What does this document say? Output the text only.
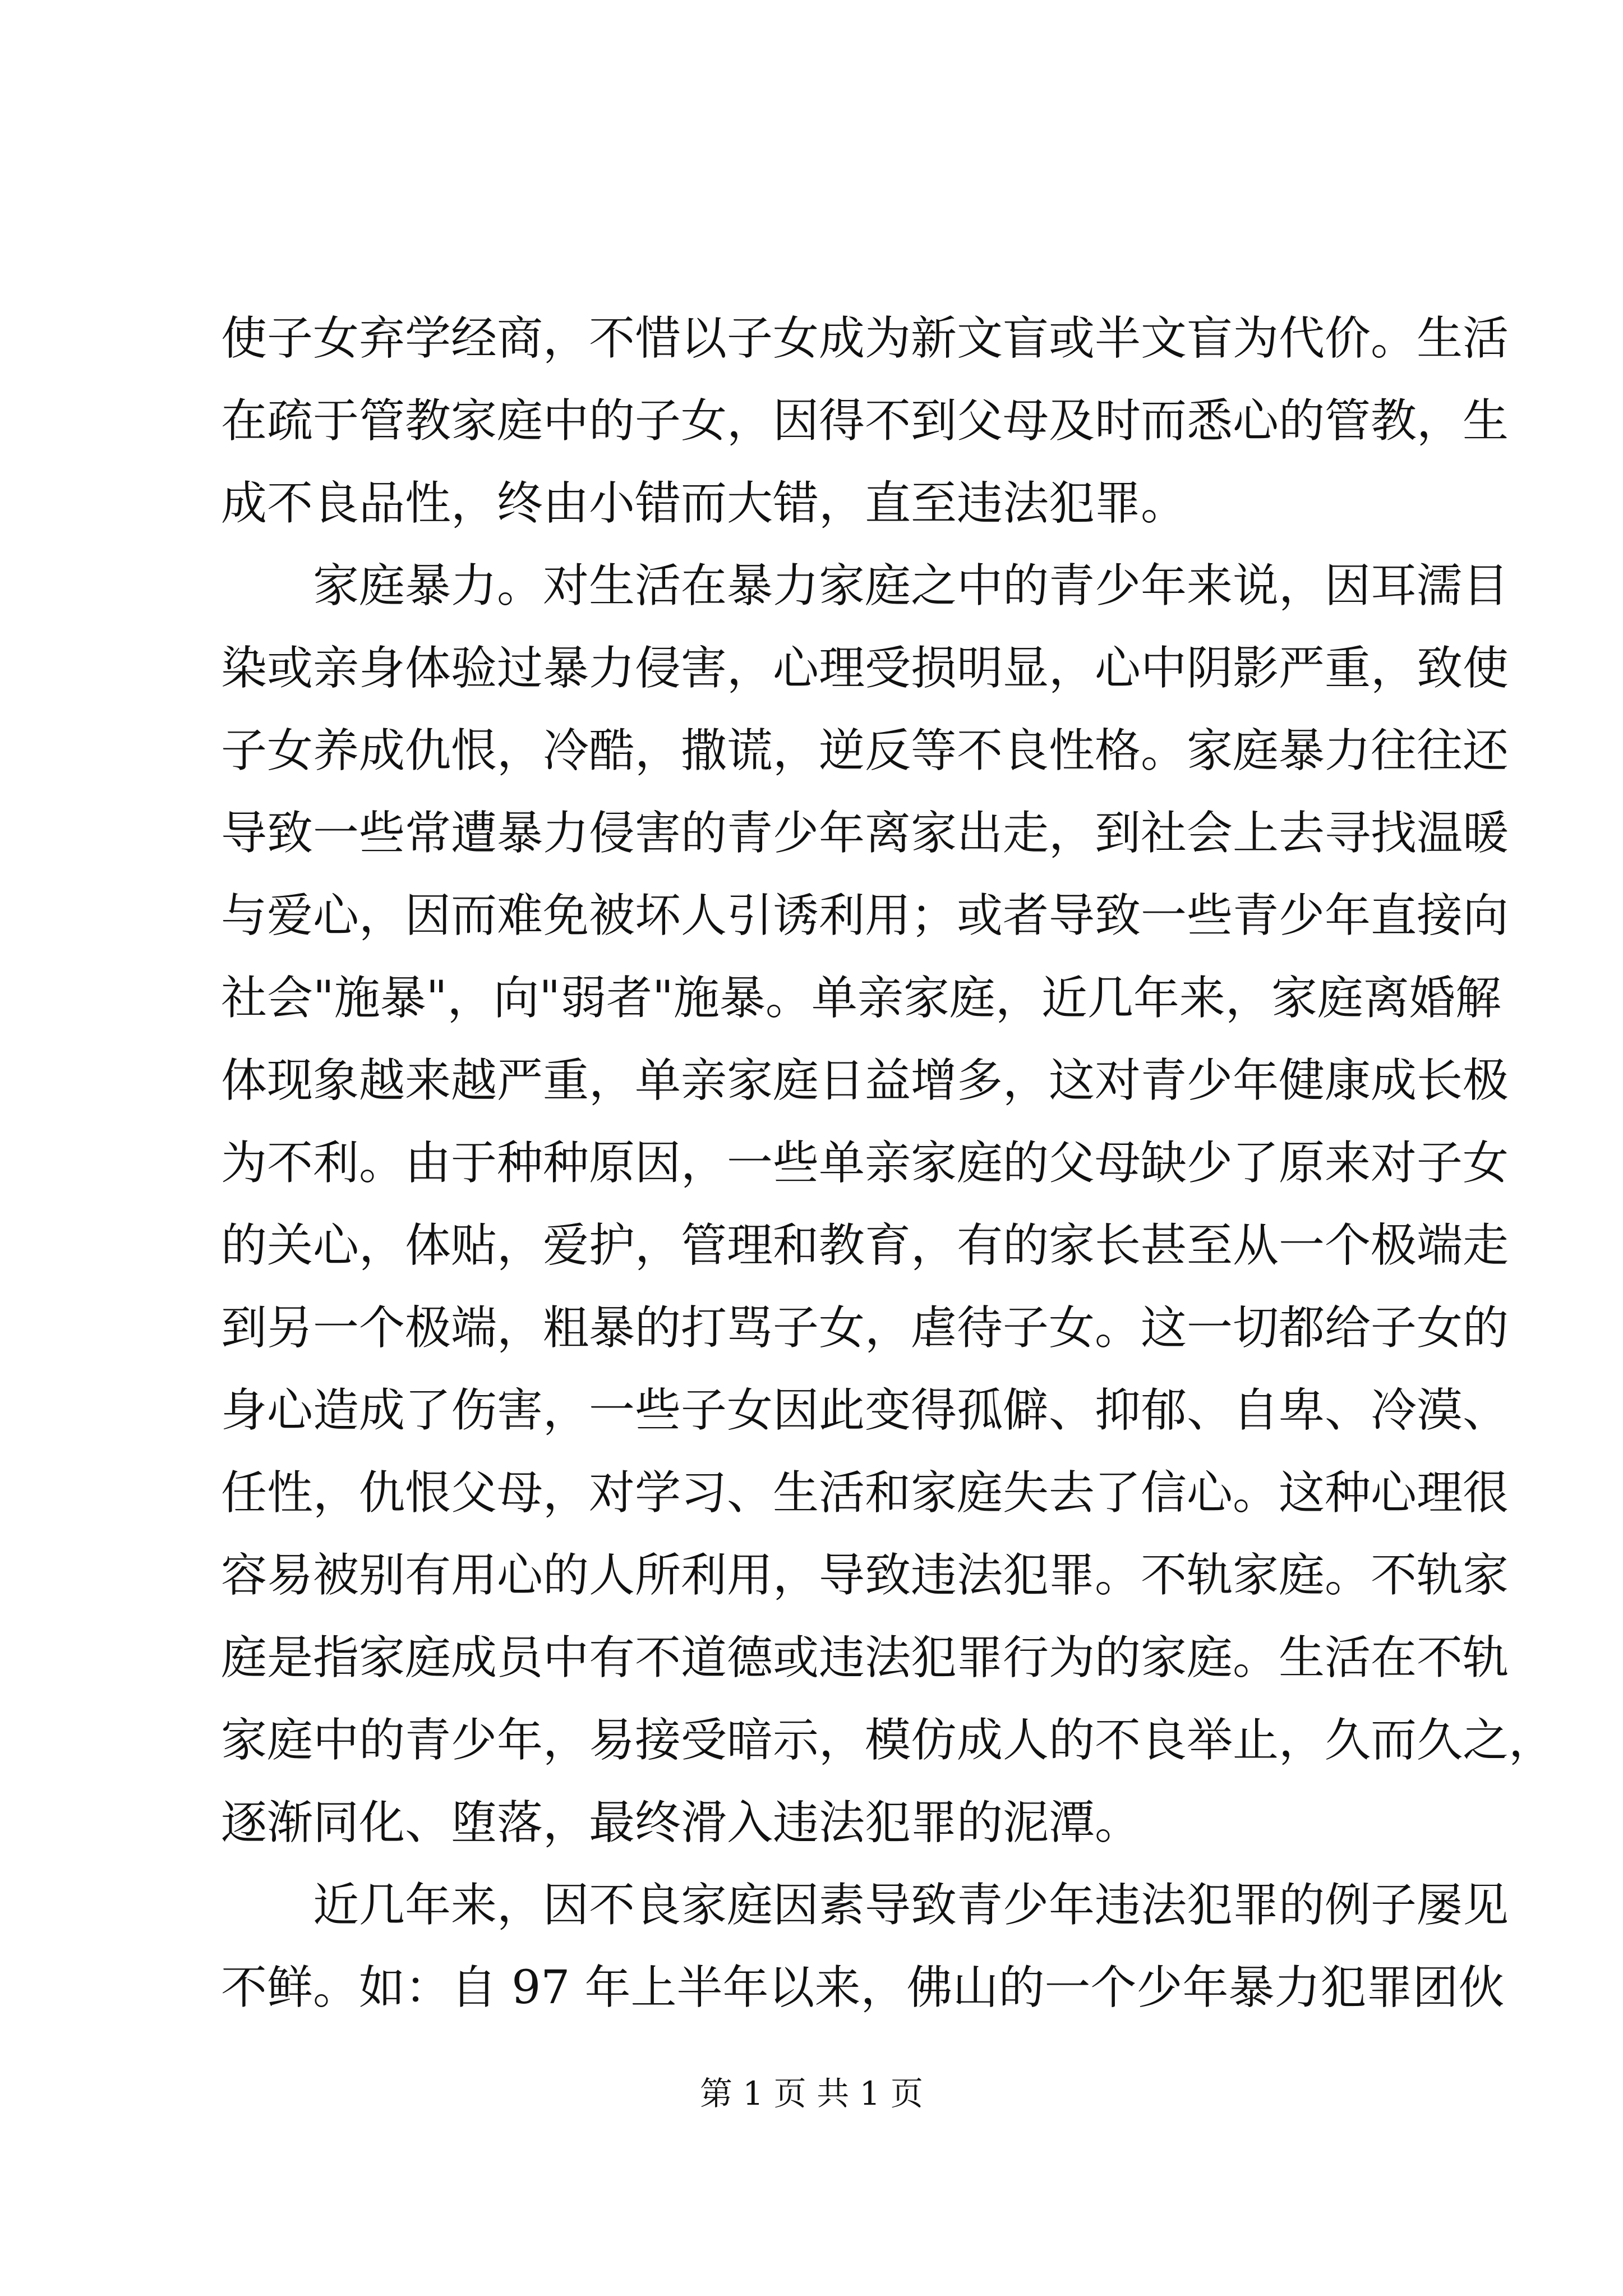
使子女弃学经商，不惜以子女成为新文盲或半文盲为代价。生活
在疏于管教家庭中的子女，因得不到父母及时而悉心的管教，生
成不良品性，终由小错而大错，直至违法犯罪。
家庭暴力。对生活在暴力家庭之中的青少年来说，因耳濡目
染或亲身体验过暴力侵害，心理受损明显，心中阴影严重，致使
子女养成仇恨，冷酷，撒谎，逆反等不良性格。家庭暴力往往还
导致一些常遭暴力侵害的青少年离家出走，到社会上去寻找温暖
与爱心，因而难免被坏人引诱利用；或者导致一些青少年直接向
社会"施暴"，向"弱者"施暴。单亲家庭，近几年来，家庭离婚解
体现象越来越严重，单亲家庭日益增多，这对青少年健康成长极
为不利。由于种种原因，一些单亲家庭的父母缺少了原来对子女
的关心，体贴，爱护，管理和教育，有的家长甚至从一个极端走
到另一个极端，粗暴的打骂子女，虐待子女。这一切都给子女的
身心造成了伤害，一些子女因此变得孤僻、抑郁、自卑、冷漠、
任性，仇恨父母，对学习、生活和家庭失去了信心。这种心理很
容易被别有用心的人所利用，导致违法犯罪。不轨家庭。不轨家
庭是指家庭成员中有不道德或违法犯罪行为的家庭。生活在不轨
家庭中的青少年，易接受暗示，模仿成人的不良举止，久而久之，
逐渐同化、堕落，最终滑入违法犯罪的泥潭。
近几年来，因不良家庭因素导致青少年违法犯罪的例子屡见
不鲜。如：自 97 年上半年以来，佛山的一个少年暴力犯罪团伙
第 1 页 共 1 页
